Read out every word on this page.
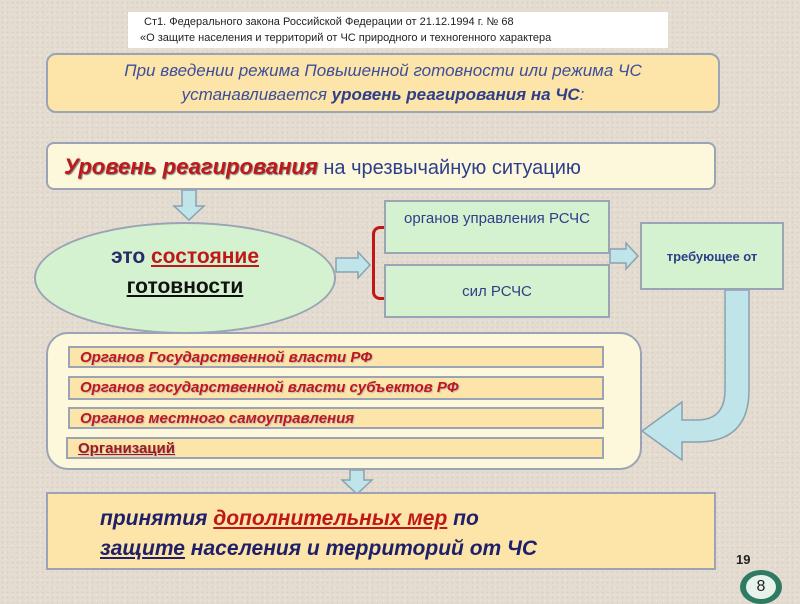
Ст1. Федерального закона Российской Федерации от 21.12.1994 г. № 68
«О защите населения и территорий от ЧС природного и техногенного характера
При введении режима Повышенной готовности или режима ЧС
устанавливается уровень реагирования на ЧС:
Уровень реагирования на чрезвычайную ситуацию
это состояние
готовности
органов управления РСЧС
сил РСЧС
требующее от
Органов Государственной власти РФ
Органов государственной власти субъектов РФ
Органов местного самоуправления
Организаций
принятия дополнительных мер по
защите населения и территорий от ЧС	19
8
